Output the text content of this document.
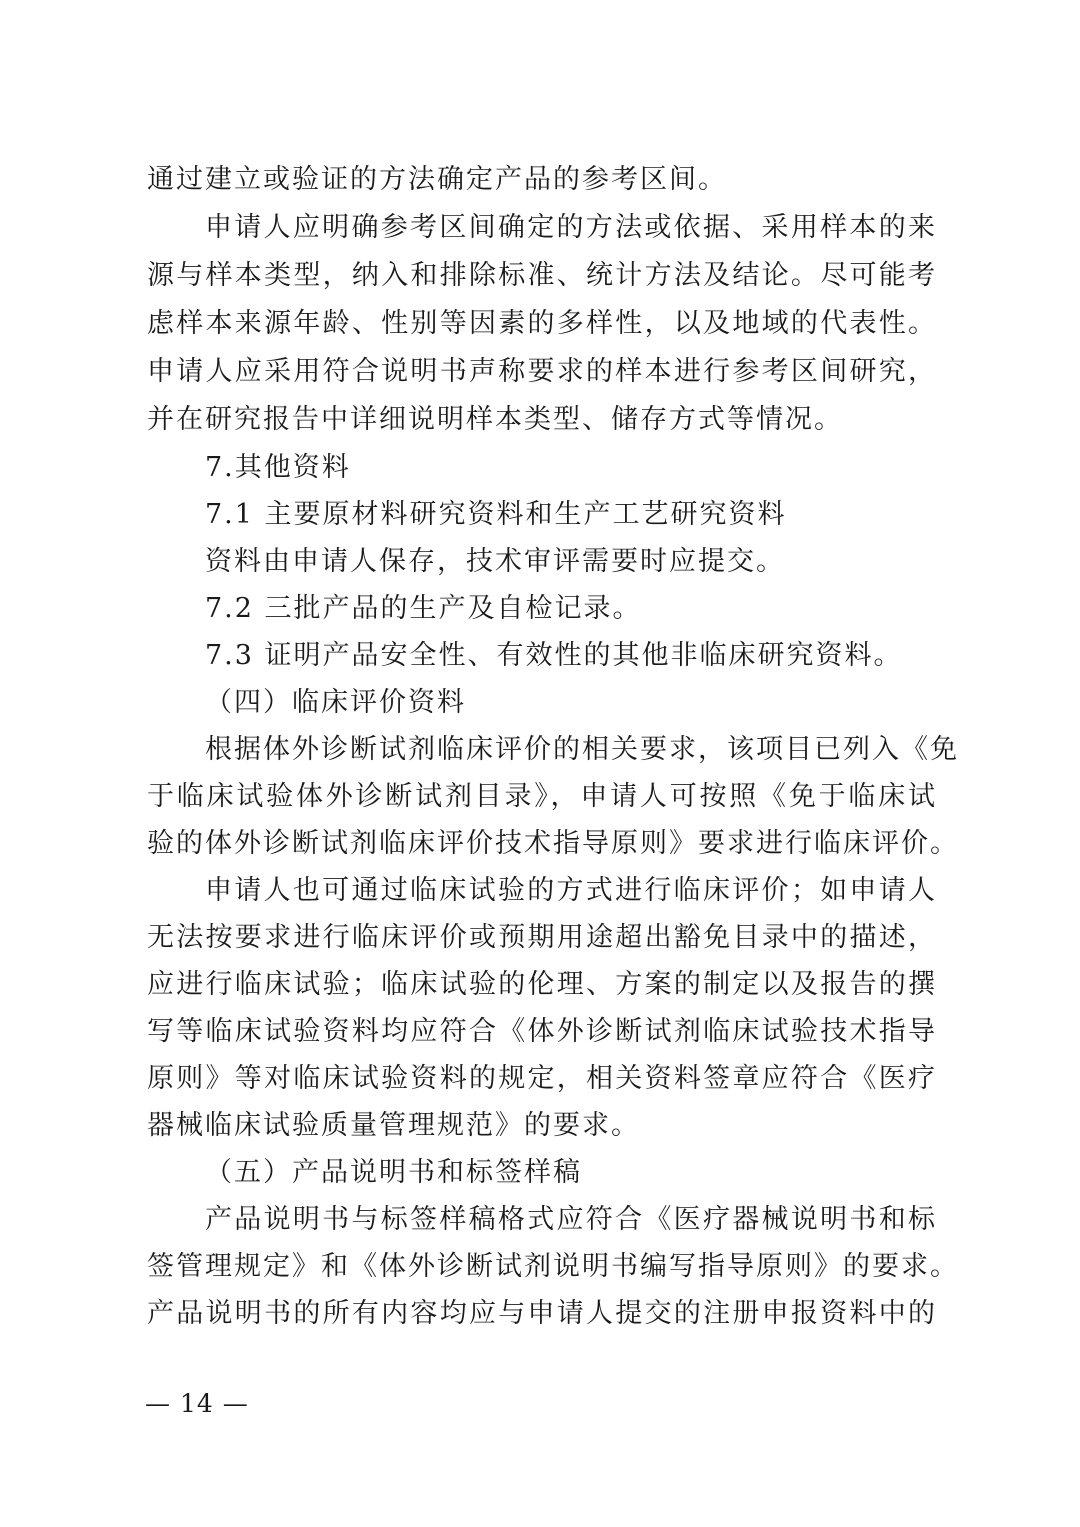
通过建立或验证的方法确定产品的参考区间。
申请人应明确参考区间确定的方法或依据、采用样本的来
源与样本类型，纳入和排除标准、统计方法及结论。尽可能考
虑样本来源年龄、性别等因素的多样性，以及地域的代表性。
申请人应采用符合说明书声称要求的样本进行参考区间研究，
并在研究报告中详细说明样本类型、储存方式等情况。
7.其他资料
7.1 主要原材料研究资料和生产工艺研究资料
资料由申请人保存，技术审评需要时应提交。
7.2 三批产品的生产及自检记录。
7.3 证明产品安全性、有效性的其他非临床研究资料。
（四）临床评价资料
根据体外诊断试剂临床评价的相关要求，该项目已列入《免
于临床试验体外诊断试剂目录》，申请人可按照《免于临床试
验的体外诊断试剂临床评价技术指导原则》要求进行临床评价。
申请人也可通过临床试验的方式进行临床评价；如申请人
无法按要求进行临床评价或预期用途超出豁免目录中的描述，
应进行临床试验；临床试验的伦理、方案的制定以及报告的撰
写等临床试验资料均应符合《体外诊断试剂临床试验技术指导
原则》等对临床试验资料的规定，相关资料签章应符合《医疗
器械临床试验质量管理规范》的要求。
（五）产品说明书和标签样稿
产品说明书与标签样稿格式应符合《医疗器械说明书和标
签管理规定》和《体外诊断试剂说明书编写指导原则》的要求。
产品说明书的所有内容均应与申请人提交的注册申报资料中的
— 14 —
